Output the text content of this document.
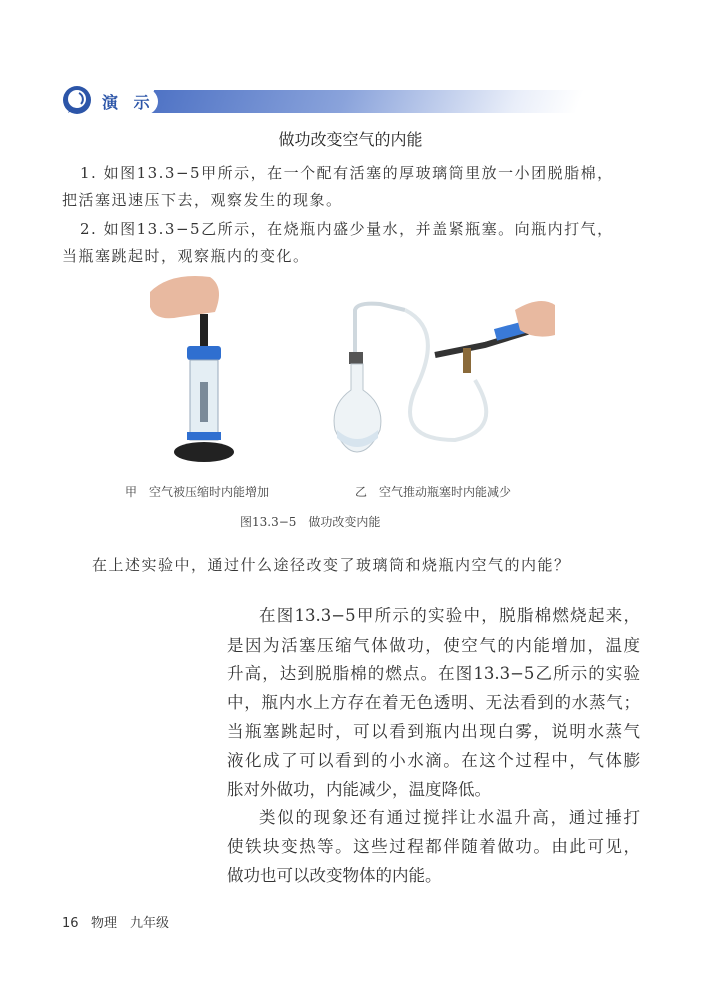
演 示
做功改变空气的内能
1. 如图13.3−5甲所示，在一个配有活塞的厚玻璃筒里放一小团脱脂棉，
把活塞迅速压下去，观察发生的现象。
2. 如图13.3−5乙所示，在烧瓶内盛少量水，并盖紧瓶塞。向瓶内打气，
当瓶塞跳起时，观察瓶内的变化。
甲　空气被压缩时内能增加	乙　空气推动瓶塞时内能减少
图13.3−5　做功改变内能
在上述实验中，通过什么途径改变了玻璃筒和烧瓶内空气的内能？
在图13.3−5甲所示的实验中，脱脂棉燃烧起来，
是因为活塞压缩气体做功，使空气的内能增加，温度
升高，达到脱脂棉的燃点。在图13.3−5乙所示的实验
中，瓶内水上方存在着无色透明、无法看到的水蒸气；
当瓶塞跳起时，可以看到瓶内出现白雾，说明水蒸气
液化成了可以看到的小水滴。在这个过程中，气体膨
胀对外做功，内能减少，温度降低。
类似的现象还有通过搅拌让水温升高，通过捶打
使铁块变热等。这些过程都伴随着做功。由此可见，
做功也可以改变物体的内能。
16 物理　九年级
